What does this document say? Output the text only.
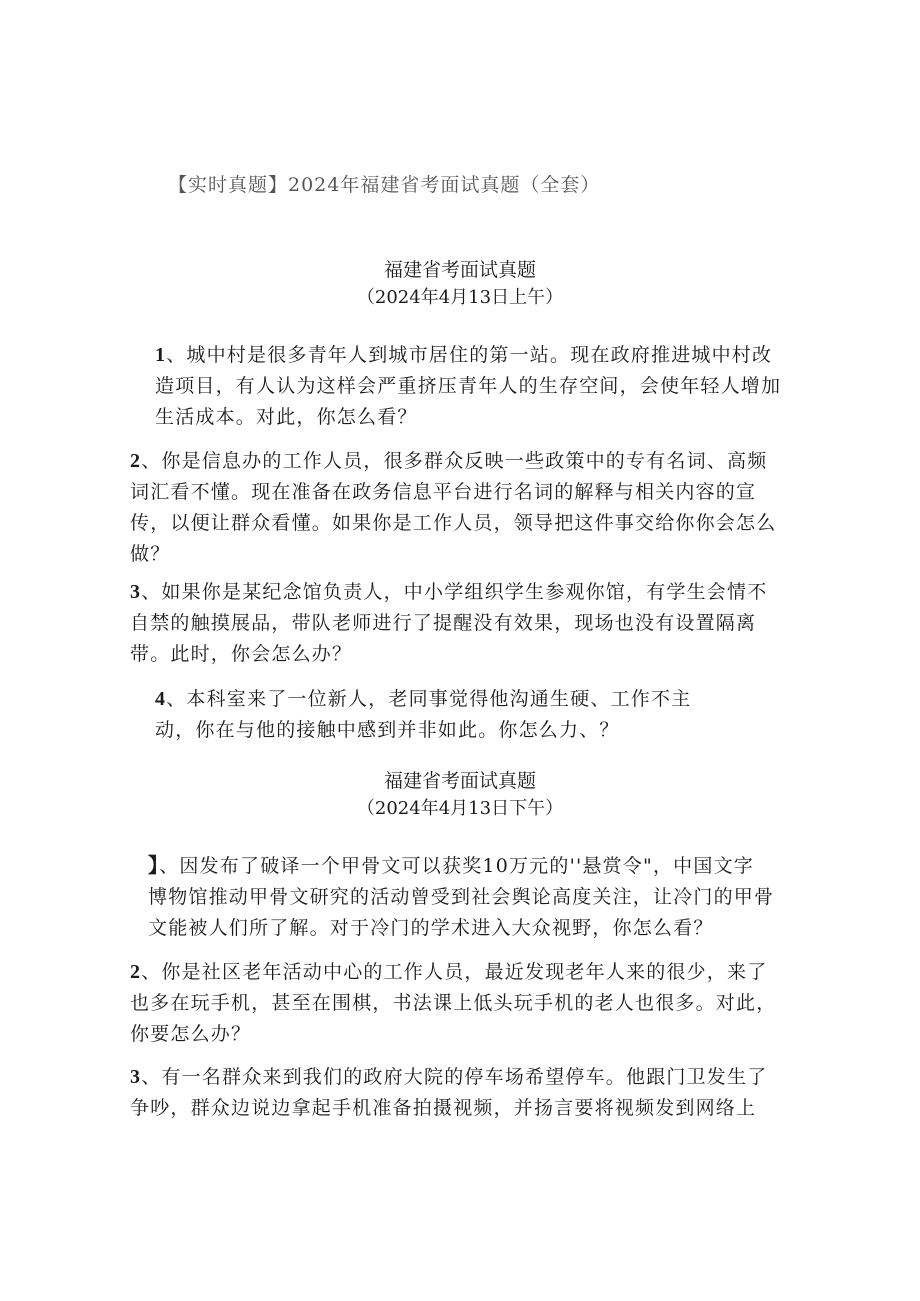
【实时真题】2024年福建省考面试真题（全套）
福建省考面试真题
（2024年4月13日上午）
1、城中村是很多青年人到城市居住的第一站。现在政府推进城中村改
造项目，有人认为这样会严重挤压青年人的生存空间，会使年轻人增加
生活成本。对此，你怎么看？
2、你是信息办的工作人员，很多群众反映一些政策中的专有名词、高频
词汇看不懂。现在准备在政务信息平台进行名词的解释与相关内容的宣
传，以便让群众看懂。如果你是工作人员，领导把这件事交给你你会怎么
做？
3、如果你是某纪念馆负责人，中小学组织学生参观你馆，有学生会情不
自禁的触摸展品，带队老师进行了提醒没有效果，现场也没有设置隔离
带。此时，你会怎么办？
4、本科室来了一位新人，老同事觉得他沟通生硬、工作不主
动，你在与他的接触中感到并非如此。你怎么力、？
福建省考面试真题
（2024年4月13日下午）
】、因发布了破译一个甲骨文可以获奖10万元的''悬赏令"，中国文字
博物馆推动甲骨文研究的活动曾受到社会舆论高度关注，让冷门的甲骨
文能被人们所了解。对于冷门的学术进入大众视野，你怎么看？
2、你是社区老年活动中心的工作人员，最近发现老年人来的很少，来了
也多在玩手机，甚至在围棋，书法课上低头玩手机的老人也很多。对此，
你要怎么办？
3、有一名群众来到我们的政府大院的停车场希望停车。他跟门卫发生了
争吵，群众边说边拿起手机准备拍摄视频，并扬言要将视频发到网络上
